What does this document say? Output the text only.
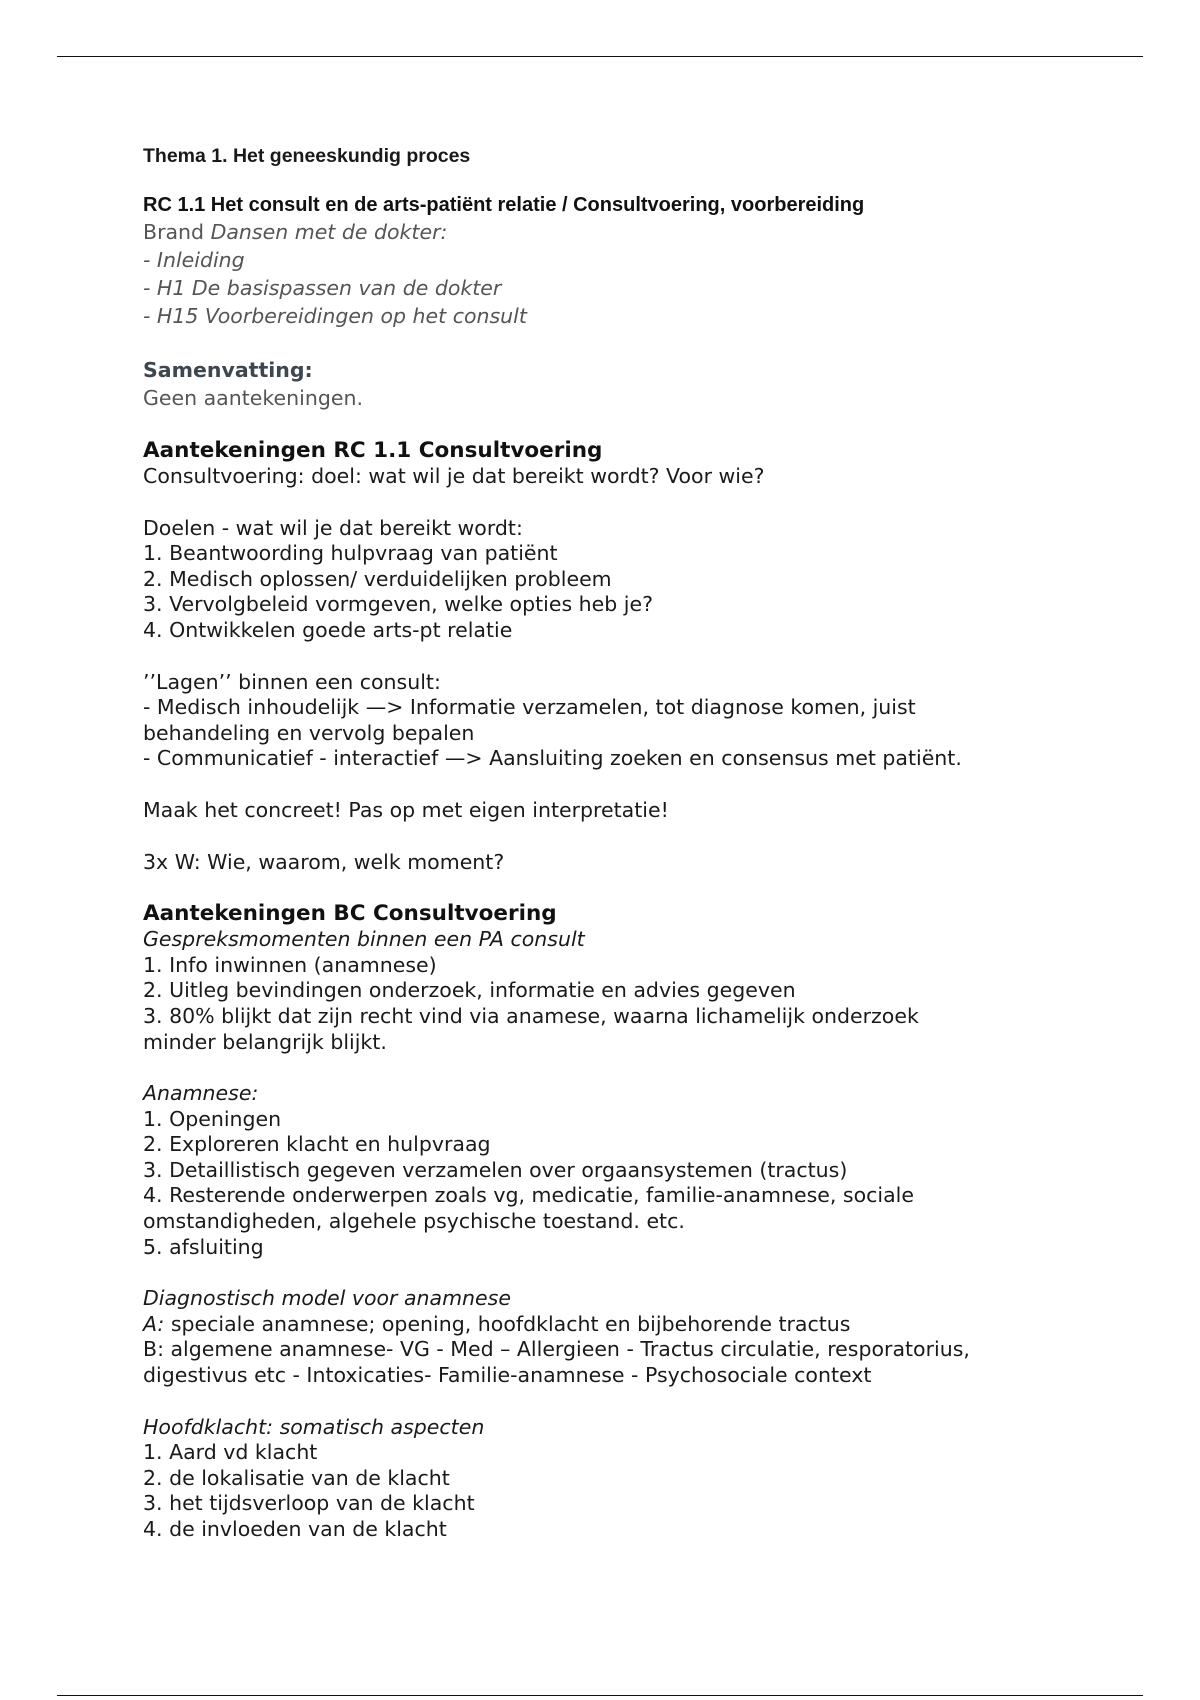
Thema 1. Het geneeskundig proces
RC 1.1 Het consult en de arts-patiënt relatie / Consultvoering, voorbereiding
Brand Dansen met de dokter:
- Inleiding
- H1 De basispassen van de dokter
- H15 Voorbereidingen op het consult
Samenvatting:
Geen aantekeningen.
Aantekeningen RC 1.1 Consultvoering
Consultvoering: doel: wat wil je dat bereikt wordt? Voor wie?
Doelen - wat wil je dat bereikt wordt:
1. Beantwoording hulpvraag van patiënt
2. Medisch oplossen/ verduidelijken probleem
3. Vervolgbeleid vormgeven, welke opties heb je?
4. Ontwikkelen goede arts-pt relatie
’’Lagen’’ binnen een consult:
- Medisch inhoudelijk —> Informatie verzamelen, tot diagnose komen, juist
behandeling en vervolg bepalen
- Communicatief - interactief —> Aansluiting zoeken en consensus met patiënt.
Maak het concreet! Pas op met eigen interpretatie!
3x W: Wie, waarom, welk moment?
Aantekeningen BC Consultvoering
Gespreksmomenten binnen een PA consult
1. Info inwinnen (anamnese)
2. Uitleg bevindingen onderzoek, informatie en advies gegeven
3. 80% blijkt dat zijn recht vind via anamese, waarna lichamelijk onderzoek
minder belangrijk blijkt.
Anamnese:
1. Openingen
2. Exploreren klacht en hulpvraag
3. Detaillistisch gegeven verzamelen over orgaansystemen (tractus)
4. Resterende onderwerpen zoals vg, medicatie, familie-anamnese, sociale
omstandigheden, algehele psychische toestand. etc.
5. afsluiting
Diagnostisch model voor anamnese
A: speciale anamnese; opening, hoofdklacht en bijbehorende tractus
B: algemene anamnese- VG - Med – Allergieen - Tractus circulatie, resporatorius,
digestivus etc - Intoxicaties- Familie-anamnese - Psychosociale context
Hoofdklacht: somatisch aspecten
1. Aard vd klacht
2. de lokalisatie van de klacht
3. het tijdsverloop van de klacht
4. de invloeden van de klacht
